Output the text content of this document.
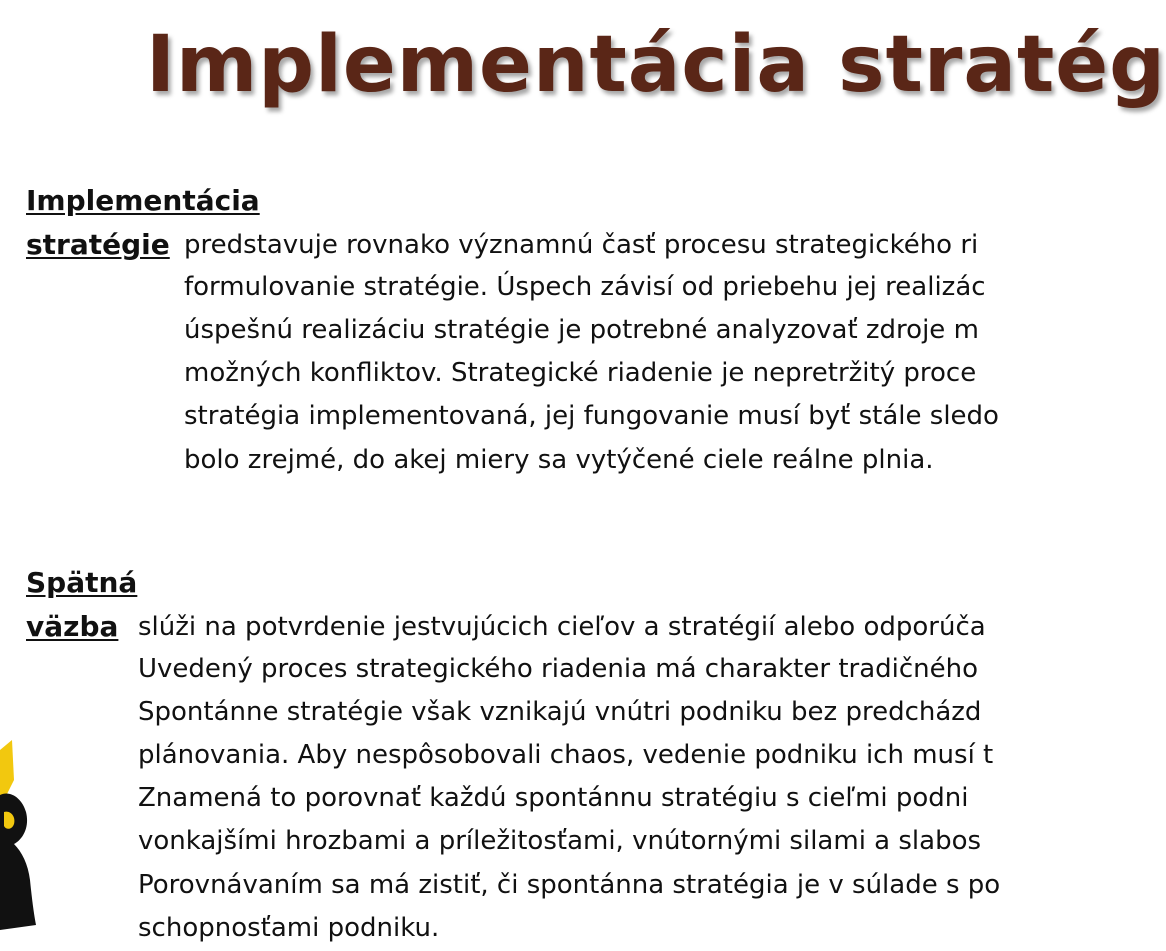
Implementácia stratég
Implementácia
stratégie predstavuje rovnako významnú časť procesu strategického ri
formulovanie stratégie. Úspech závisí od priebehu jej realizác
úspešnú realizáciu stratégie je potrebné analyzovať zdroje m
možných konfliktov. Strategické riadenie je nepretržitý proce
stratégia implementovaná, jej fungovanie musí byť stále sledo
bolo zrejmé, do akej miery sa vytýčené ciele reálne plnia.
Spätná
väzba slúži na potvrdenie jestvujúcich cieľov a stratégií alebo odporúča
Uvedený proces strategického riadenia má charakter tradičného
Spontánne stratégie však vznikajú vnútri podniku bez predcházd
plánovania. Aby nespôsobovali chaos, vedenie podniku ich musí t
Znamená to porovnať každú spontánnu stratégiu s cieľmi podni
vonkajšími hrozbami a príležitosťami, vnútornými silami a slabos
Porovnávaním sa má zistiť, či spontánna stratégia je v súlade s po
schopnosťami podniku.
